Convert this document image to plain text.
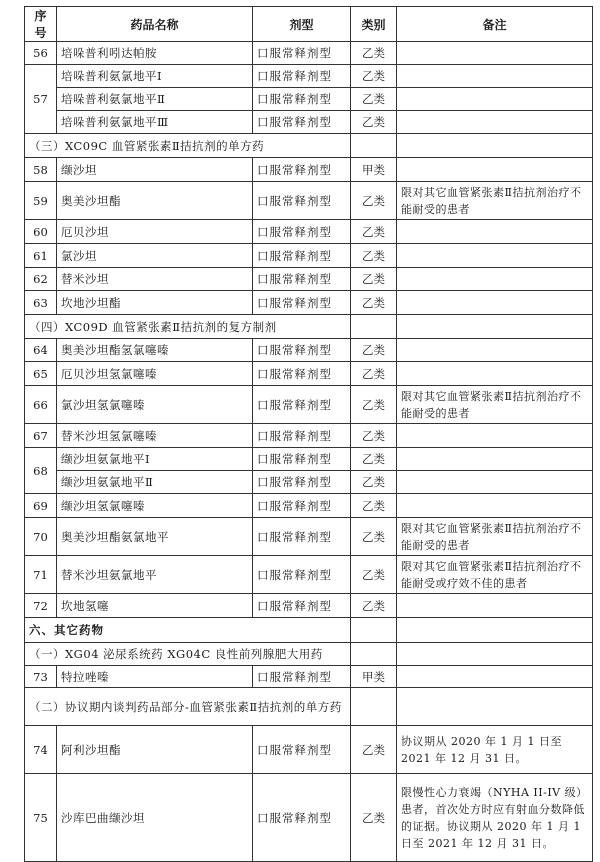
序号	药品名称	剂型	类别	备注
56	培哚普利吲达帕胺	口服常释剂型	乙类	
57	培哚普利氨氯地平Ⅰ	口服常释剂型	乙类	
	培哚普利氨氯地平Ⅱ	口服常释剂型	乙类	
	培哚普利氨氯地平Ⅲ	口服常释剂型	乙类	
（三）XC09C 血管紧张素Ⅱ拮抗剂的单方药				
58	缬沙坦	口服常释剂型	甲类	
59	奥美沙坦酯	口服常释剂型	乙类	限对其它血管紧张素Ⅱ拮抗剂治疗不能耐受的患者
60	厄贝沙坦	口服常释剂型	乙类	
61	氯沙坦	口服常释剂型	乙类	
62	替米沙坦	口服常释剂型	乙类	
63	坎地沙坦酯	口服常释剂型	乙类	
（四）XC09D 血管紧张素Ⅱ拮抗剂的复方制剂				
64	奥美沙坦酯氢氯噻嗪	口服常释剂型	乙类	
65	厄贝沙坦氢氯噻嗪	口服常释剂型	乙类	
66	氯沙坦氢氯噻嗪	口服常释剂型	乙类	限对其它血管紧张素Ⅱ拮抗剂治疗不能耐受的患者
67	替米沙坦氢氯噻嗪	口服常释剂型	乙类	
68	缬沙坦氨氯地平Ⅰ	口服常释剂型	乙类	
	缬沙坦氨氯地平Ⅱ	口服常释剂型	乙类	
69	缬沙坦氢氯噻嗪	口服常释剂型	乙类	
70	奥美沙坦酯氨氯地平	口服常释剂型	乙类	限对其它血管紧张素Ⅱ拮抗剂治疗不能耐受的患者
71	替米沙坦氨氯地平	口服常释剂型	乙类	限对其它血管紧张素Ⅱ拮抗剂治疗不能耐受或疗效不佳的患者
72	坎地氢噻	口服常释剂型	乙类	
六、其它药物				
（一）XG04 泌尿系统药 XG04C 良性前列腺肥大用药				
73	特拉唑嗪	口服常释剂型	甲类	
（二）协议期内谈判药品部分-血管紧张素Ⅱ拮抗剂的单方药				
74	阿利沙坦酯	口服常释剂型	乙类	协议期从 2020 年 1 月 1 日至 2021 年 12 月 31 日。
75	沙库巴曲缬沙坦	口服常释剂型	乙类	限慢性心力衰竭（NYHA II-IV 级）患者，首次处方时应有射血分数降低的证据。协议期从 2020 年 1 月 1 日至 2021 年 12 月 31 日。
